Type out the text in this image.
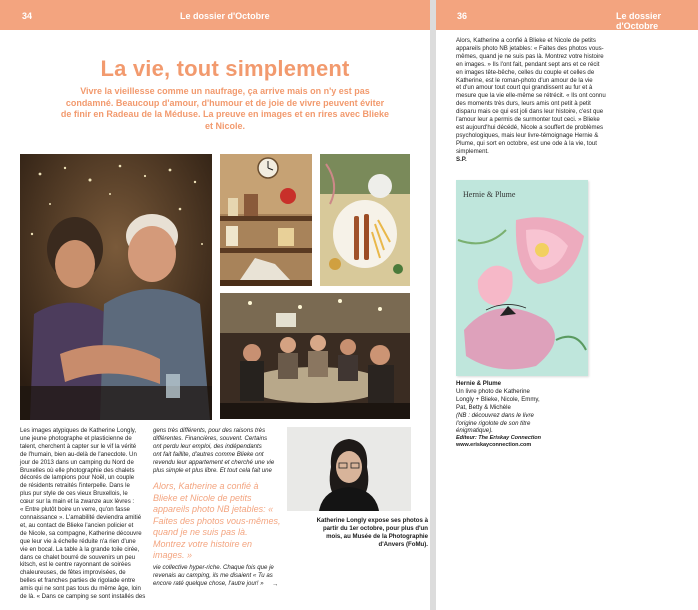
34	Le dossier d'Octobre
La vie, tout simplement
Vivre la vieillesse comme un naufrage, ça arrive mais on n'y est pas condamné. Beaucoup d'amour, d'humour et de joie de vivre peuvent éviter de finir en Radeau de la Méduse. La preuve en images et en rires avec Blieke et Nicole.
Les images atypiques de Katherine Longly,
une jeune photographe et plasticienne de
talent, cherchent à capter sur le vif la vérité
de l'humain, bien au-delà de l'anecdote. Un
jour de 2013 dans un camping du Nord de
Bruxelles où elle photographie des chalets
décorés de lampions pour Noël, un couple
de résidents retraités l'interpelle. Dans le
plus pur style de ces vieux Bruxellois, le
cœur sur la main et la zwanze aux lèvres :
« Entre plutôt boire un verre, qu'on fasse
connaissance ». L'amabilité deviendra amitié
et, au contact de Blieke l'ancien policier et
de Nicole, sa compagne, Katherine découvre
que leur vie à échelle réduite n'a rien d'une
vie en bocal. La table à la grande toile cirée,
dans ce chalet bourré de souvenirs un peu
kitsch, est le centre rayonnant de soirées
chaleureuses, de fêtes improvisées, de
belles et franches parties de rigolade entre
amis qui ne sont pas tous du même âge, loin
de là. « Dans ce camping se sont installés des
gens très différents, pour des raisons très
différentes. Financières, souvent. Certains
ont perdu leur emploi, des indépendants
ont fait faillite, d'autres comme Blieke ont
revendu leur appartement et cherché une vie
plus simple et plus libre. Et tout cela fait une
Alors, Katherine a confié à Blieke et Nicole de petits appareils photo NB jetables: « Faites des photos vous-mêmes, quand je ne suis pas là. Montrez votre histoire en images. »
vie collective hyper-riche. Chaque fois que je
revenais au camping, ils me disaient « Tu as
encore raté quelque chose, l'autre jour! »	→
Katherine Longly expose ses photos à partir du 1er octobre, pour plus d'un mois, au Musée de la Photographie d'Anvers (FoMu).
36	Le dossier d'Octobre
Alors, Katherine a confié à Blieke et Nicole de petits
appareils photo NB jetables: « Faites des photos vous-
mêmes, quand je ne suis pas là. Montrez votre histoire
en images. » Ils l'ont fait, pendant sept ans et ce récit
en images tête-bêche, celles du couple et celles de
Katherine, est le roman-photo d'un amour de la vie
et d'un amour tout court qui grandissent au fur et à
mesure que la vie elle-même se rétrécit. « Ils ont connu
des moments très durs, leurs amis ont petit à petit
disparu mais ce qui est joli dans leur histoire, c'est que
l'amour leur a permis de surmonter tout ceci. » Blieke
est aujourd'hui décédé, Nicole a souffert de problèmes
psychologiques, mais leur livre-témoignage Hernie &
Plume, qui sort en octobre, est une ode à la vie, tout
simplement.
S.P.
Hernie & Plume
Hernie & Plume
Un livre photo de Katherine
Longly + Blieke, Nicole, Emmy,
Pat, Betty & Michèle
(NB : découvrez dans le livre
l'origine rigolote de son titre
énigmatique).
Editeur: The Eriskay Connection
www.eriskayconnection.com
